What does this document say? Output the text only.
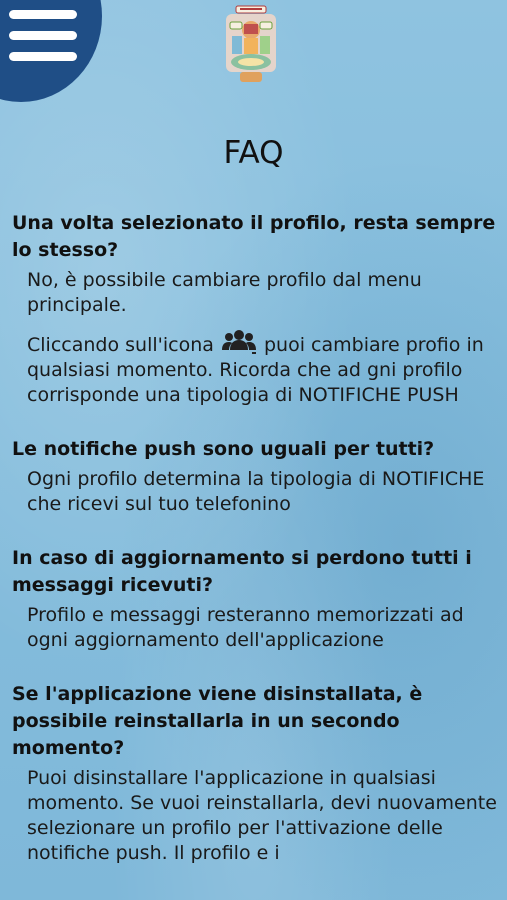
FAQ

Una volta selezionato il profilo, resta sempre lo stesso?

No, è possibile cambiare profilo dal menu principale.

Cliccando sull'icona	puoi cambiare profio in qualsiasi momento. Ricorda che ad gni profilo corrisponde una tipologia di NOTIFICHE PUSH

Le notifiche push sono uguali per tutti?

Ogni profilo determina la tipologia di NOTIFICHE che ricevi sul tuo telefonino

In caso di aggiornamento si perdono tutti i messaggi ricevuti?

Profilo e messaggi resteranno memorizzati ad ogni aggiornamento dell'applicazione

Se l'applicazione viene disinstallata, è possibile reinstallarla in un secondo momento?

Puoi disinstallare l'applicazione in qualsiasi momento. Se vuoi reinstallarla, devi nuovamente selezionare un profilo per l'attivazione delle notifiche push. Il profilo e i
